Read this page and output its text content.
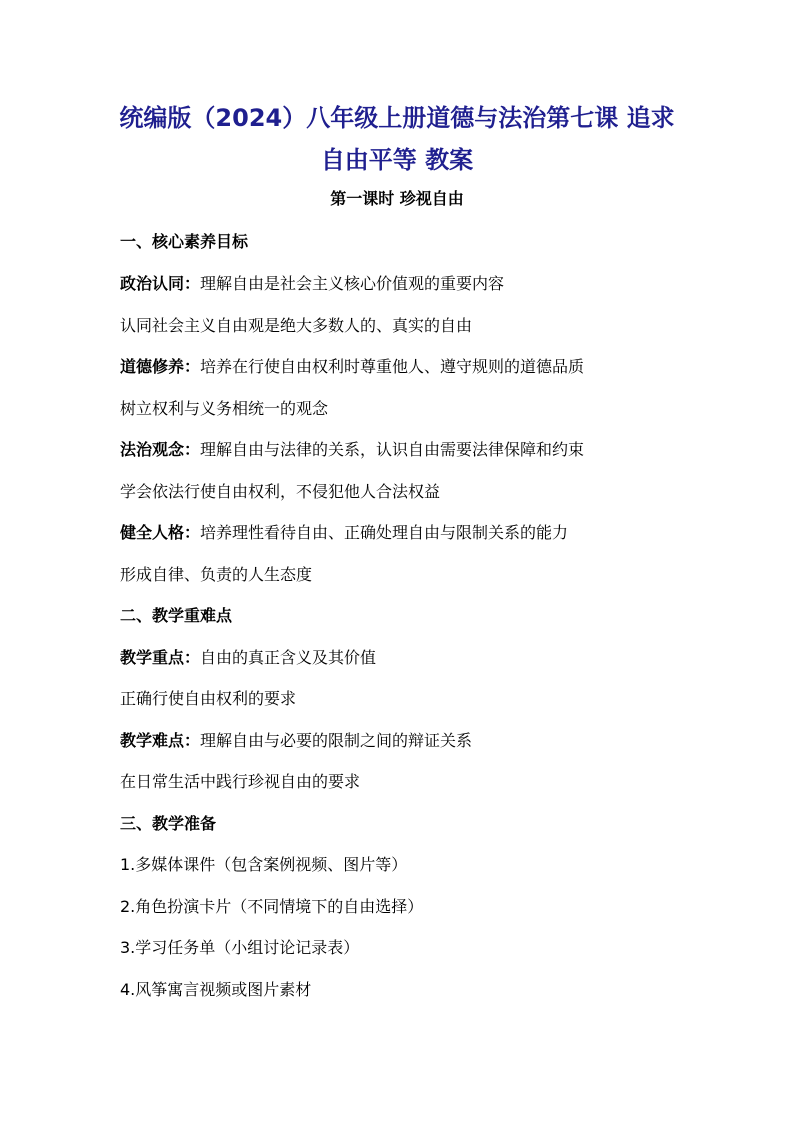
统编版（2024）八年级上册道德与法治第七课 追求
自由平等 教案
第一课时 珍视自由
一、核心素养目标
政治认同：理解自由是社会主义核心价值观的重要内容
认同社会主义自由观是绝大多数人的、真实的自由
道德修养：培养在行使自由权利时尊重他人、遵守规则的道德品质
树立权利与义务相统一的观念
法治观念：理解自由与法律的关系，认识自由需要法律保障和约束
学会依法行使自由权利，不侵犯他人合法权益
健全人格：培养理性看待自由、正确处理自由与限制关系的能力
形成自律、负责的人生态度
二、教学重难点
教学重点：自由的真正含义及其价值
正确行使自由权利的要求
教学难点：理解自由与必要的限制之间的辩证关系
在日常生活中践行珍视自由的要求
三、教学准备
1.多媒体课件（包含案例视频、图片等）
2.角色扮演卡片（不同情境下的自由选择）
3.学习任务单（小组讨论记录表）
4.风筝寓言视频或图片素材
